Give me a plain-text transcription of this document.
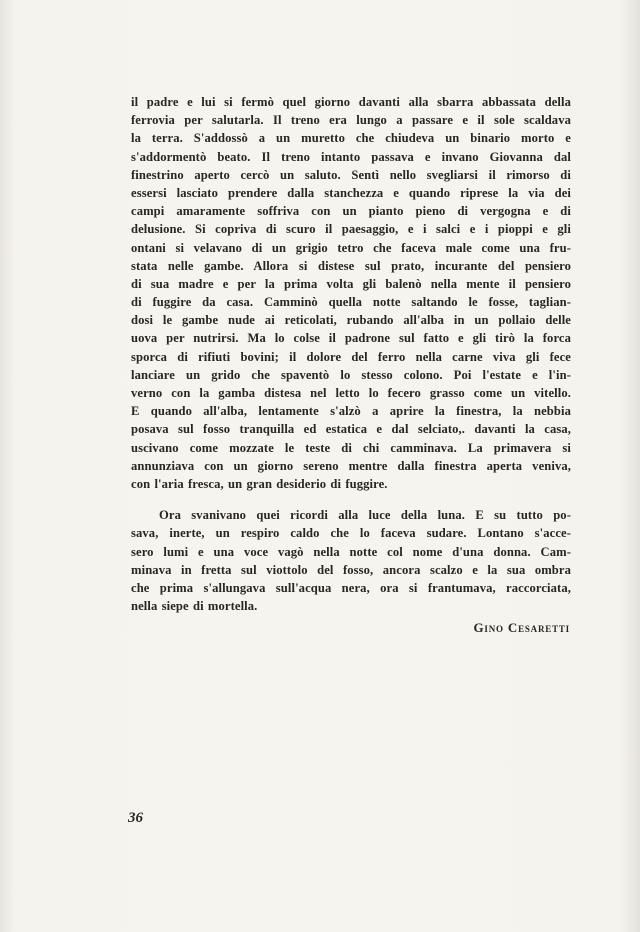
il padre e lui si fermò quel giorno davanti alla sbarra abbassata della
ferrovia per salutarla. Il treno era lungo a passare e il sole scaldava
la terra. S'addossò a un muretto che chiudeva un binario morto e
s'addormentò beato. Il treno intanto passava e invano Giovanna dal
finestrino aperto cercò un saluto. Sentì nello svegliarsi il rimorso di
essersi lasciato prendere dalla stanchezza e quando riprese la via dei
campi amaramente soffriva con un pianto pieno di vergogna e di
delusione. Si copriva di scuro il paesaggio, e i salci e i pioppi e gli
ontani si velavano di un grigio tetro che faceva male come una fru-
stata nelle gambe. Allora si distese sul prato, incurante del pensiero
di sua madre e per la prima volta gli balenò nella mente il pensiero
di fuggire da casa. Camminò quella notte saltando le fosse, taglian-
dosi le gambe nude ai reticolati, rubando all'alba in un pollaio delle
uova per nutrirsi. Ma lo colse il padrone sul fatto e gli tirò la forca
sporca di rifiuti bovini; il dolore del ferro nella carne viva gli fece
lanciare un grido che spaventò lo stesso colono. Poi l'estate e l'in-
verno con la gamba distesa nel letto lo fecero grasso come un vitello.
E quando all'alba, lentamente s'alzò a aprire la finestra, la nebbia
posava sul fosso tranquilla ed estatica e dal selciato,. davanti la casa,
uscivano come mozzate le teste di chi camminava. La primavera si
annunziava con un giorno sereno mentre dalla finestra aperta veniva,
con l'aria fresca, un gran desiderio di fuggire.
Ora svanivano quei ricordi alla luce della luna. E su tutto po-
sava, inerte, un respiro caldo che lo faceva sudare. Lontano s'acce-
sero lumi e una voce vagò nella notte col nome d'una donna. Cam-
minava in fretta sul viottolo del fosso, ancora scalzo e la sua ombra
che prima s'allungava sull'acqua nera, ora si frantumava, raccorciata,
nella siepe di mortella.
Gino Cesaretti
36
